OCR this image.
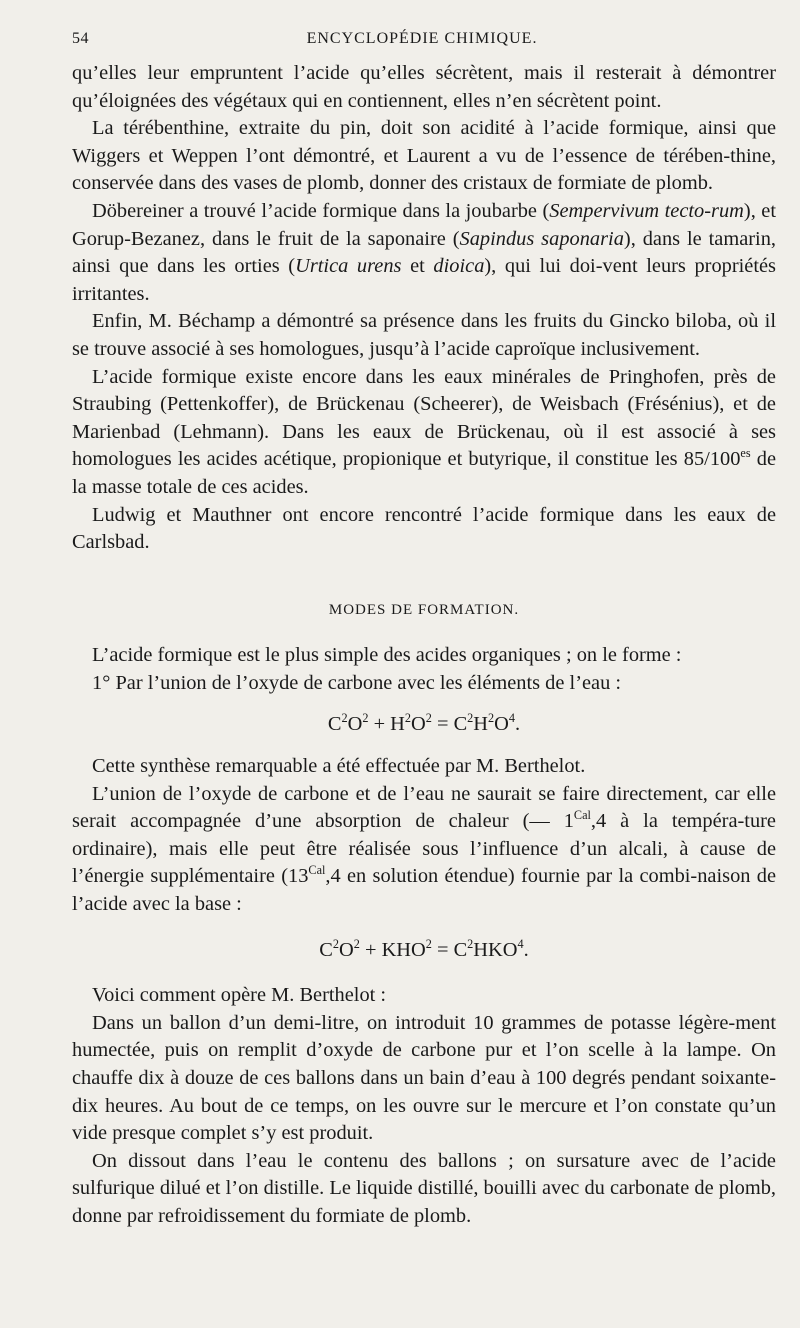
54	ENCYCLOPÉDIE CHIMIQUE.

qu’elles leur empruntent l’acide qu’elles sécrètent, mais il resterait à démontrer qu’éloignées des végétaux qui en contiennent, elles n’en sécrètent point.

La térébenthine, extraite du pin, doit son acidité à l’acide formique, ainsi que Wiggers et Weppen l’ont démontré, et Laurent a vu de l’essence de térében-thine, conservée dans des vases de plomb, donner des cristaux de formiate de plomb.

Döbereiner a trouvé l’acide formique dans la joubarbe (Sempervivum tecto-rum), et Gorup-Bezanez, dans le fruit de la saponaire (Sapindus saponaria), dans le tamarin, ainsi que dans les orties (Urtica urens et dioica), qui lui doi-vent leurs propriétés irritantes.

Enfin, M. Béchamp a démontré sa présence dans les fruits du Gincko biloba, où il se trouve associé à ses homologues, jusqu’à l’acide caproïque inclusivement.

L’acide formique existe encore dans les eaux minérales de Pringhofen, près de Straubing (Pettenkoffer), de Brückenau (Scheerer), de Weisbach (Frésénius), et de Marienbad (Lehmann). Dans les eaux de Brückenau, où il est associé à ses homologues les acides acétique, propionique et butyrique, il constitue les $85/100^{es}$ de la masse totale de ces acides.

Ludwig et Mauthner ont encore rencontré l’acide formique dans les eaux de Carlsbad.

MODES DE FORMATION.

L’acide formique est le plus simple des acides organiques ; on le forme :

1° Par l’union de l’oxyde de carbone avec les éléments de l’eau :

$C^2O^2 + H^2O^2 = C^2H^2O^4$.

Cette synthèse remarquable a été effectuée par M. Berthelot.

L’union de l’oxyde de carbone et de l’eau ne saurait se faire directement, car elle serait accompagnée d’une absorption de chaleur (— $1^{Cal},4$ à la tempéra-ture ordinaire), mais elle peut être réalisée sous l’influence d’un alcali, à cause de l’énergie supplémentaire ($13^{Cal},4$ en solution étendue) fournie par la combi-naison de l’acide avec la base :

$C^2O^2 + KHO^2 = C^2HKO^4$.

Voici comment opère M. Berthelot :

Dans un ballon d’un demi-litre, on introduit 10 grammes de potasse légère-ment humectée, puis on remplit d’oxyde de carbone pur et l’on scelle à la lampe. On chauffe dix à douze de ces ballons dans un bain d’eau à 100 degrés pendant soixante-dix heures. Au bout de ce temps, on les ouvre sur le mercure et l’on constate qu’un vide presque complet s’y est produit.

On dissout dans l’eau le contenu des ballons ; on sursature avec de l’acide sulfurique dilué et l’on distille. Le liquide distillé, bouilli avec du carbonate de plomb, donne par refroidissement du formiate de plomb.
